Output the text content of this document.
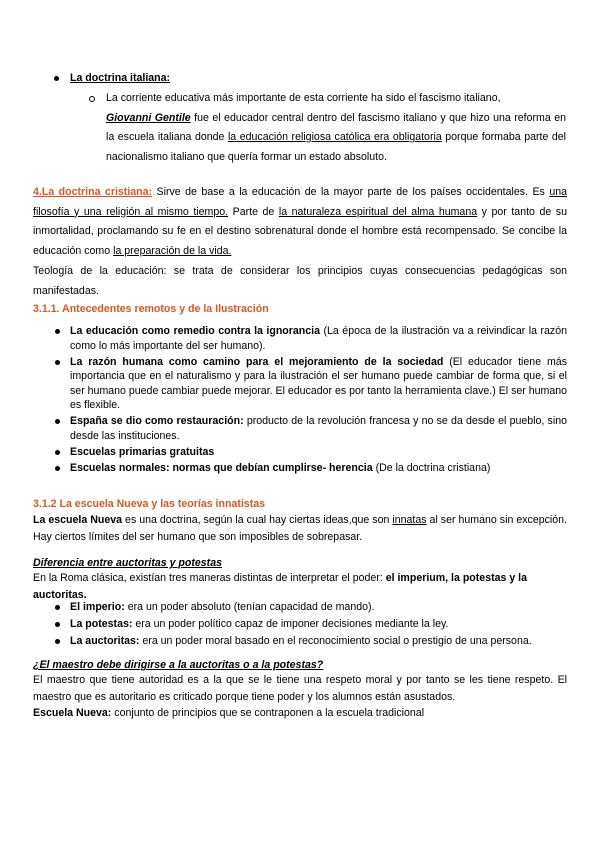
La doctrina italiana:

La corriente educativa más importante de esta corriente ha sido el fascismo italiano,
Giovanni Gentile fue el educador central dentro del fascismo italiano y que hizo una reforma en la escuela italiana donde la educación religiosa católica era obligatoria porque formaba parte del nacionalismo italiano que quería formar un estado absoluto.

4.La doctrina cristiana: Sirve de base a la educación de la mayor parte de los países occidentales. Es una filosofía y una religión al mismo tiempo. Parte de la naturaleza espiritual del alma humana y por tanto de su inmortalidad, proclamando su fe en el destino sobrenatural donde el hombre está recompensado. Se concibe la educación como la preparación de la vida.

Teología de la educación: se trata de considerar los principios cuyas consecuencias pedagógicas son manifestadas.

3.1.1. Antecedentes remotos y de la Ilustración
La educación como remedio contra la ignorancia (La época de la ilustración va a reivindicar la razón como lo más importante del ser humano).
La razón humana como camino para el mejoramiento de la sociedad (El educador tiene más importancia que en el naturalismo y para la ilustración el ser humano puede cambiar de forma que, si el ser humano puede cambiar puede mejorar. El educador es por tanto la herramienta clave.) El ser humano es flexible.
España se dio como restauración: producto de la revolución francesa y no se da desde el pueblo, sino desde las instituciones.
Escuelas primarias gratuitas
Escuelas normales: normas que debían cumplirse- herencia (De la doctrina cristiana)
3.1.2 La escuela Nueva y las teorías innatistas

La escuela Nueva es una doctrina, según la cual hay ciertas ideas,que son innatas al ser humano sin excepción. Hay ciertos límites del ser humano que son imposibles de sobrepasar.

Diferencia entre auctoritas y potestas

En la Roma clásica, existían tres maneras distintas de interpretar el poder: el imperium, la potestas y la auctoritas.

El imperio: era un poder absoluto (tenían capacidad de mando).
La potestas: era un poder político capaz de imponer decisiones mediante la ley.
La auctoritas: era un poder moral basado en el reconocimiento social o prestigio de una persona.
¿El maestro debe dirigirse a la auctoritas o a la potestas?

El maestro que tiene autoridad es a la que se le tiene una respeto moral y por tanto se les tiene respeto. El maestro que es autoritario es criticado porque tiene poder y los alumnos están asustados.

Escuela Nueva: conjunto de principios que se contraponen a la escuela tradicional
